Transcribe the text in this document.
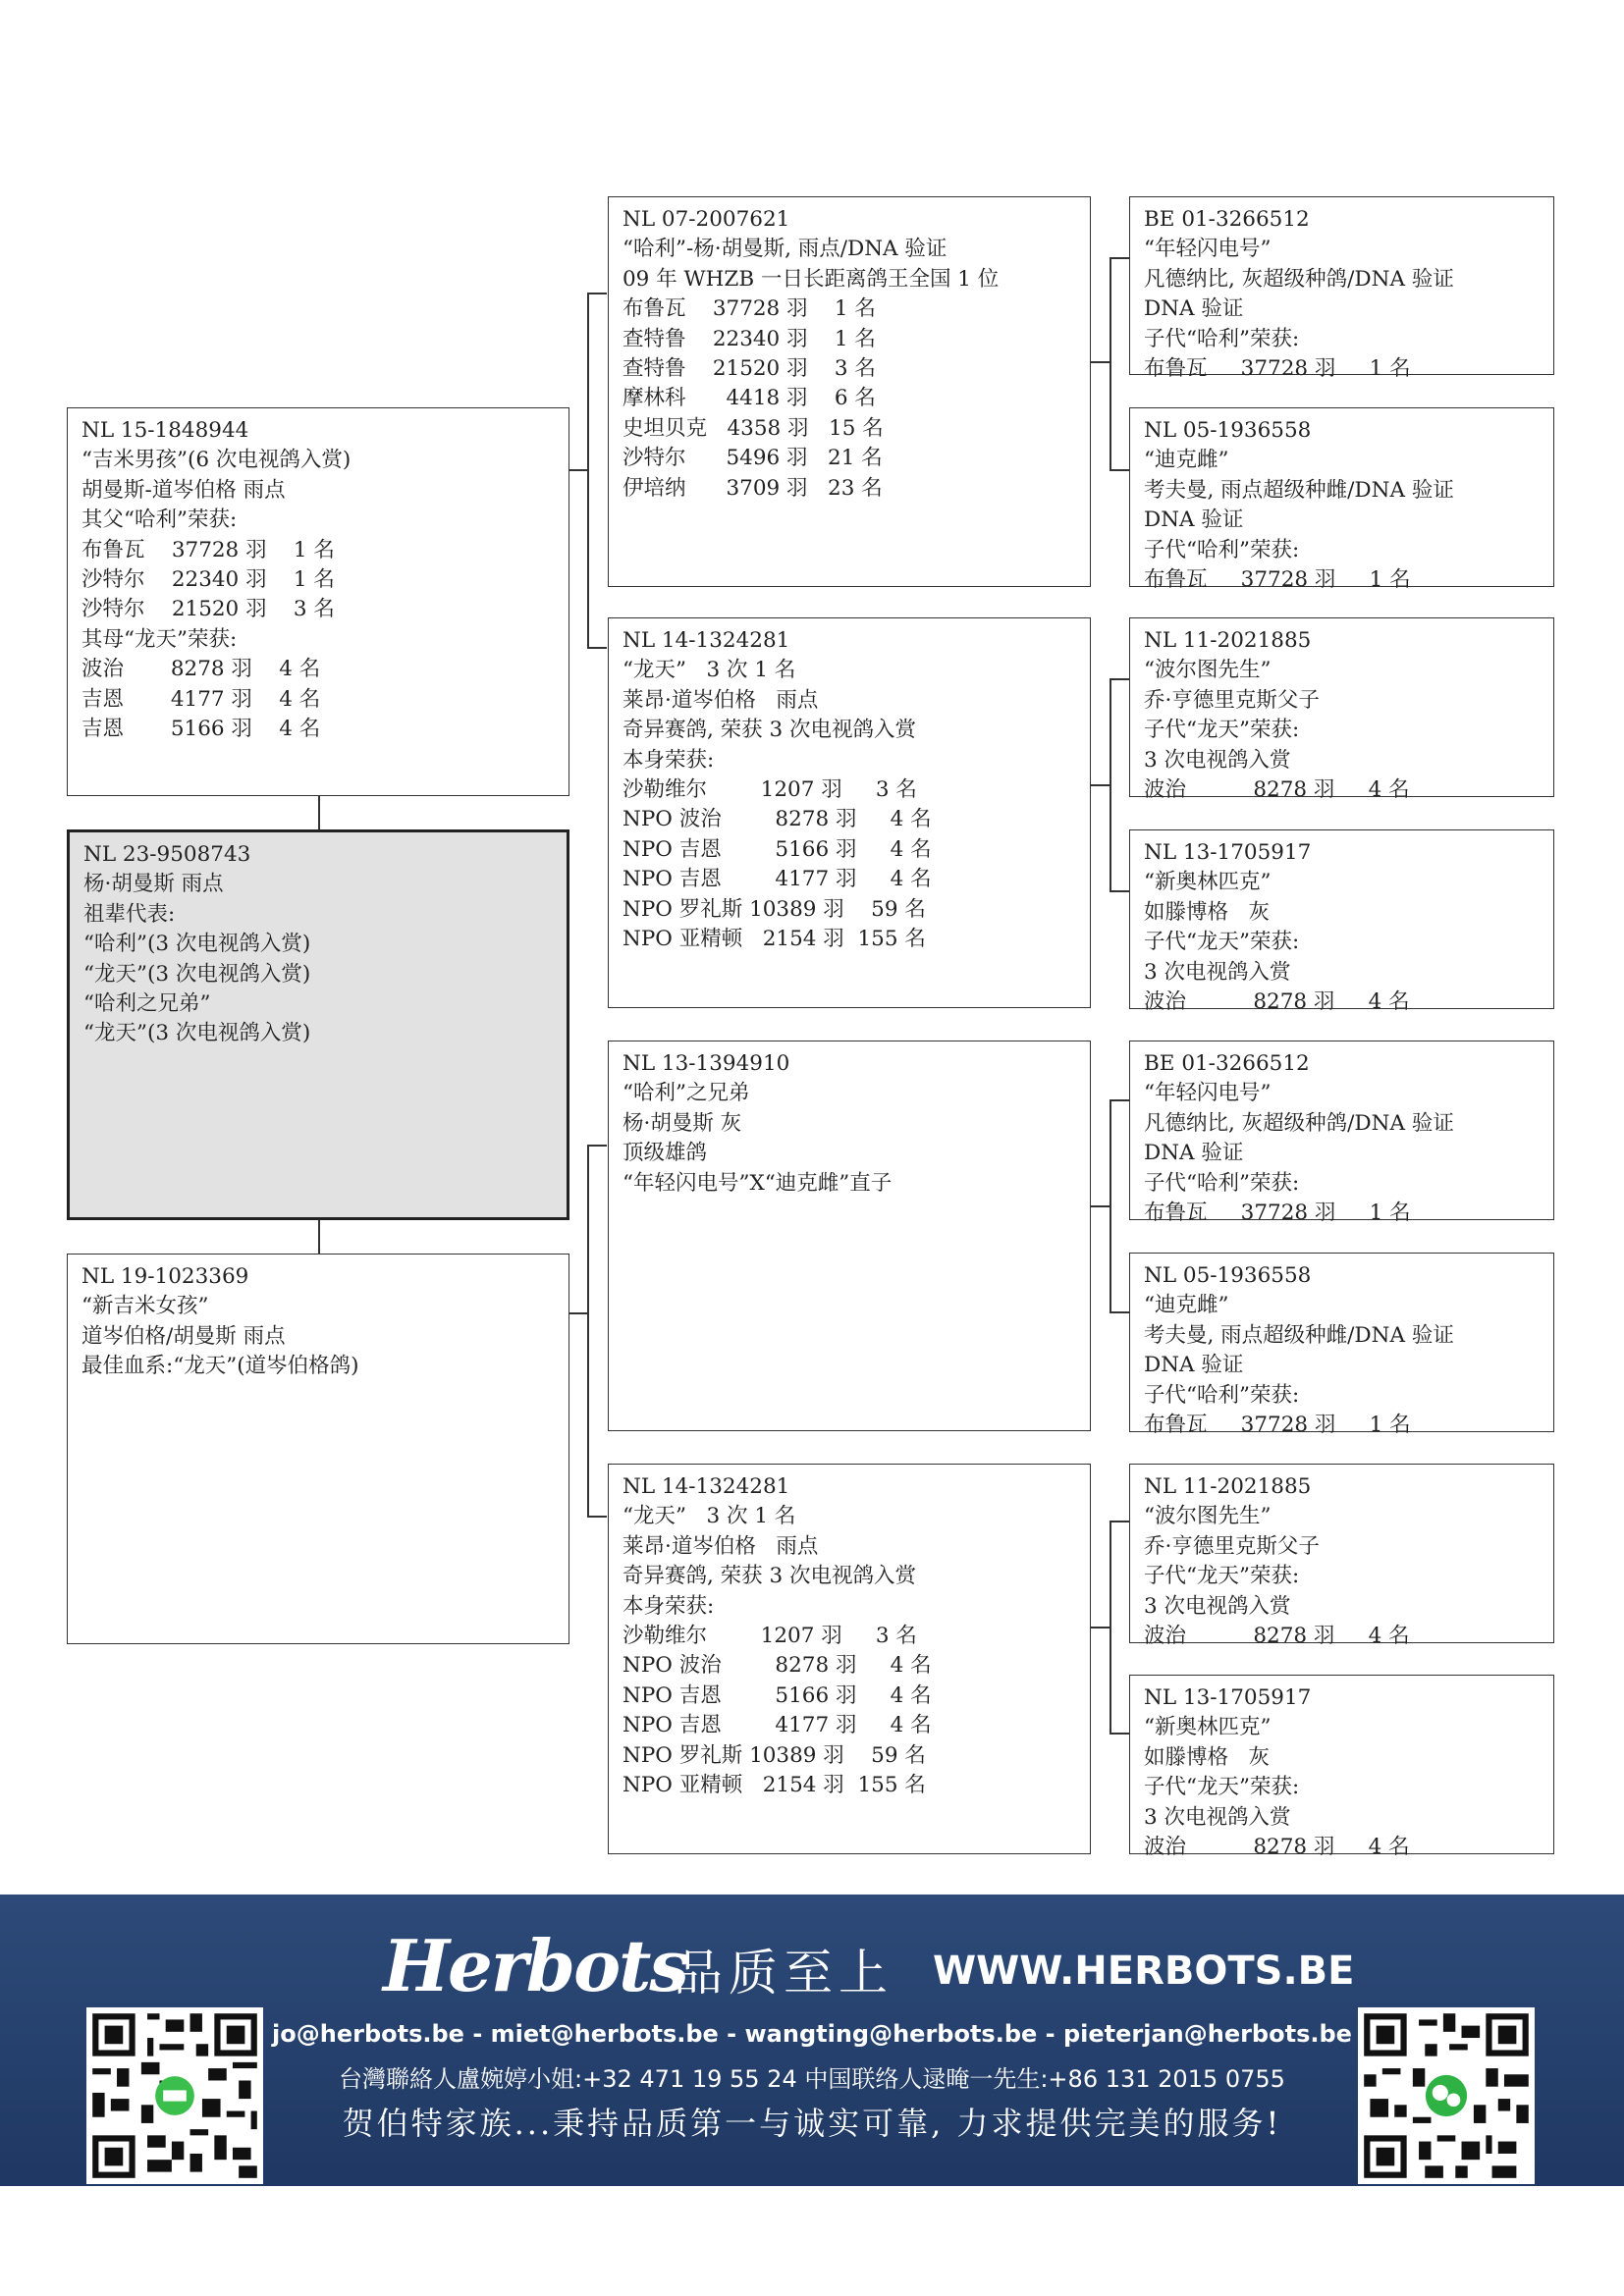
NL 23-9508743
杨·胡曼斯 雨点
祖辈代表:
“哈利”(3 次电视鸽入赏)
“龙天”(3 次电视鸽入赏)
“哈利之兄弟”
“龙天”(3 次电视鸽入赏)
NL 15-1848944
“吉米男孩”(6 次电视鸽入赏)
胡曼斯-道岑伯格 雨点
其父“哈利”荣获:
布鲁瓦    37728 羽    1 名
沙特尔    22340 羽    1 名
沙特尔    21520 羽    3 名
其母“龙天”荣获:
波治       8278 羽    4 名
吉恩       4177 羽    4 名
吉恩       5166 羽    4 名
NL 19-1023369
“新吉米女孩”
道岑伯格/胡曼斯 雨点
最佳血系:“龙天”(道岑伯格鸽)
NL 07-2007621
“哈利”-杨·胡曼斯, 雨点/DNA 验证
09 年 WHZB 一日长距离鸽王全国 1 位
布鲁瓦    37728 羽    1 名
查特鲁    22340 羽    1 名
查特鲁    21520 羽    3 名
摩林科      4418 羽    6 名
史坦贝克   4358 羽   15 名
沙特尔      5496 羽   21 名
伊培纳      3709 羽   23 名
NL 14-1324281
“龙天”   3 次 1 名
莱昂·道岑伯格   雨点
奇异赛鸽, 荣获 3 次电视鸽入赏
本身荣获:
沙勒维尔        1207 羽     3 名
NPO 波治        8278 羽     4 名
NPO 吉恩        5166 羽     4 名
NPO 吉恩        4177 羽     4 名
NPO 罗礼斯 10389 羽    59 名
NPO 亚精顿   2154 羽  155 名
NL 13-1394910
“哈利”之兄弟
杨·胡曼斯 灰
顶级雄鸽
“年轻闪电号”X“迪克雌”直子
NL 14-1324281
“龙天”   3 次 1 名
莱昂·道岑伯格   雨点
奇异赛鸽, 荣获 3 次电视鸽入赏
本身荣获:
沙勒维尔        1207 羽     3 名
NPO 波治        8278 羽     4 名
NPO 吉恩        5166 羽     4 名
NPO 吉恩        4177 羽     4 名
NPO 罗礼斯 10389 羽    59 名
NPO 亚精顿   2154 羽  155 名
BE 01-3266512
“年轻闪电号”
凡德纳比, 灰超级种鸽/DNA 验证
DNA 验证
子代“哈利”荣获:
布鲁瓦     37728 羽     1 名
NL 05-1936558
“迪克雌”
考夫曼, 雨点超级种雌/DNA 验证
DNA 验证
子代“哈利”荣获:
布鲁瓦     37728 羽     1 名
NL 11-2021885
“波尔图先生”
乔·亨德里克斯父子
子代“龙天”荣获:
3 次电视鸽入赏
波治          8278 羽     4 名
NL 13-1705917
“新奥林匹克”
如滕博格   灰
子代“龙天”荣获:
3 次电视鸽入赏
波治          8278 羽     4 名
BE 01-3266512
“年轻闪电号”
凡德纳比, 灰超级种鸽/DNA 验证
DNA 验证
子代“哈利”荣获:
布鲁瓦     37728 羽     1 名
NL 05-1936558
“迪克雌”
考夫曼, 雨点超级种雌/DNA 验证
DNA 验证
子代“哈利”荣获:
布鲁瓦     37728 羽     1 名
NL 11-2021885
“波尔图先生”
乔·亨德里克斯父子
子代“龙天”荣获:
3 次电视鸽入赏
波治          8278 羽     4 名
NL 13-1705917
“新奥林匹克”
如滕博格   灰
子代“龙天”荣获:
3 次电视鸽入赏
波治          8278 羽     4 名
Herbots
品质至上 WWW.HERBOTS.BE
jo@herbots.be - miet@herbots.be - wangting@herbots.be - pieterjan@herbots.be
台灣聯絡人盧婉婷小姐:+32 471 19 55 24 中国联络人逯晻一先生:+86 131 2015 0755
贺伯特家族...秉持品质第一与诚实可靠, 力求提供完美的服务!
